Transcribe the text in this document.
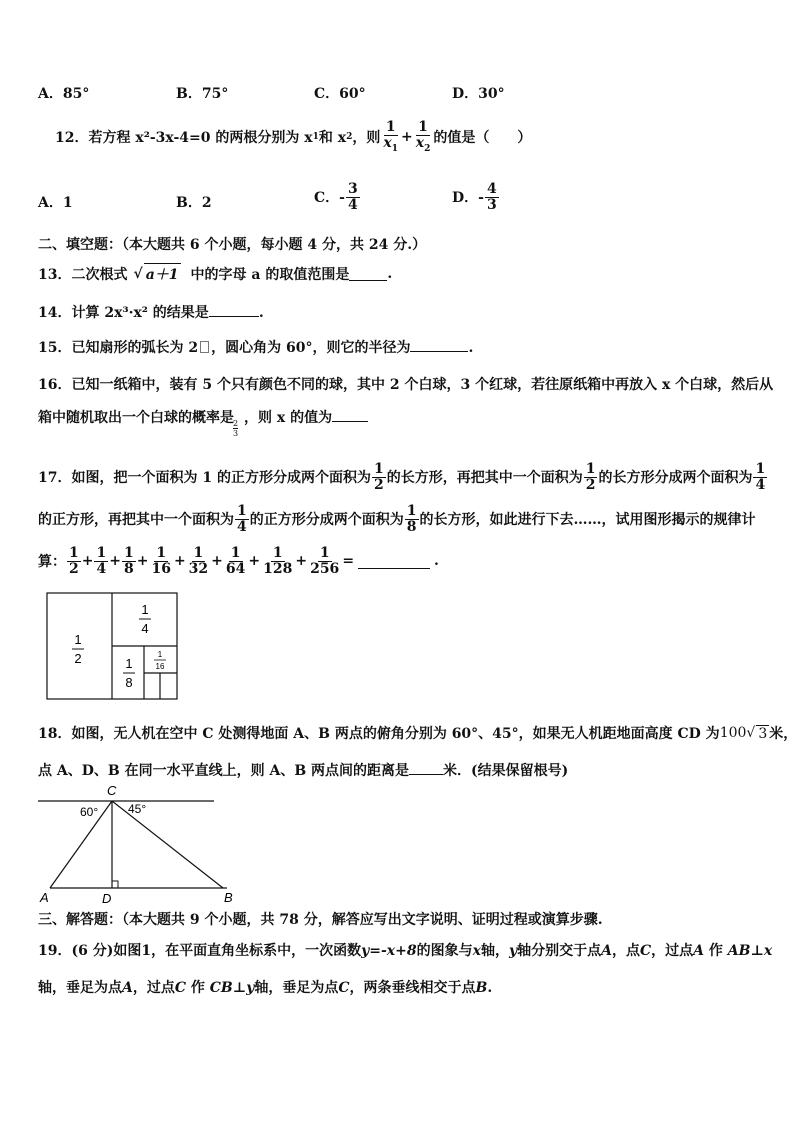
A．85°	B．75°	C．60°	D．30°
12．若方程 x²-3x-4=0 的两根分别为 x 1 和 x 2 ，则 $\frac{1}{x_1} + \frac{1}{x_2}$ 的值是（　　）
A．1	B．2	C．- $\frac{3}{4}$	D．- $\frac{4}{3}$
二、填空题：（本大题共 6 个小题，每小题 4 分，共 24 分.）
13．二次根式 √ a＋1 中的字母 a 的取值范围是	.
14．计算 2x³·x² 的结果是	.
15．已知扇形的弧长为 2 ，圆心角为 60°，则它的半径为	.
16．已知一纸箱中，装有 5 个只有颜色不同的球，其中 2 个白球，3 个红球，若往原纸箱中再放入 x 个白球，然后从
箱中随机取出一个白球的概率是 ，则 x 的值为
2
3
17．如图，把一个面积为 1 的正方形分成两个面积为 $\frac{1}{2}$ 的长方形，再把其中一个面积为 $\frac{1}{2}$ 的长方形分成两个面积为 $\frac{1}{4}$
的正方形，再把其中一个面积为 $\frac{1}{4}$ 的正方形分成两个面积为 $\frac{1}{8}$ 的长方形，如此进行下去……，试用图形揭示的规律计
算： $\frac{1}{2} + \frac{1}{4} + \frac{1}{8} + \frac{1}{16} + \frac{1}{32} + \frac{1}{64} + \frac{1}{128} + \frac{1}{256}$ =	.
1
2
1
4
1
8
1
16
18．如图，无人机在空中 C 处测得地面 A、B 两点的俯角分别为 60°、45°，如果无人机距地面高度 CD 为 100 √ 3 米，
点 A、D、B 在同一水平直线上，则 A、B 两点间的距离是 米．(结果保留根号)
C
A	D	B
60° 45°
三、解答题：（本大题共 9 个小题，共 78 分，解答应写出文字说明、证明过程或演算步骤.
19．(6 分)如图1，在平面直角坐标系中，一次函数y=-x+8的图象与x轴，y轴分别交于点A，点C，过点A 作 AB⊥x
轴，垂足为点A，过点C 作 CB⊥y轴，垂足为点C，两条垂线相交于点B.
